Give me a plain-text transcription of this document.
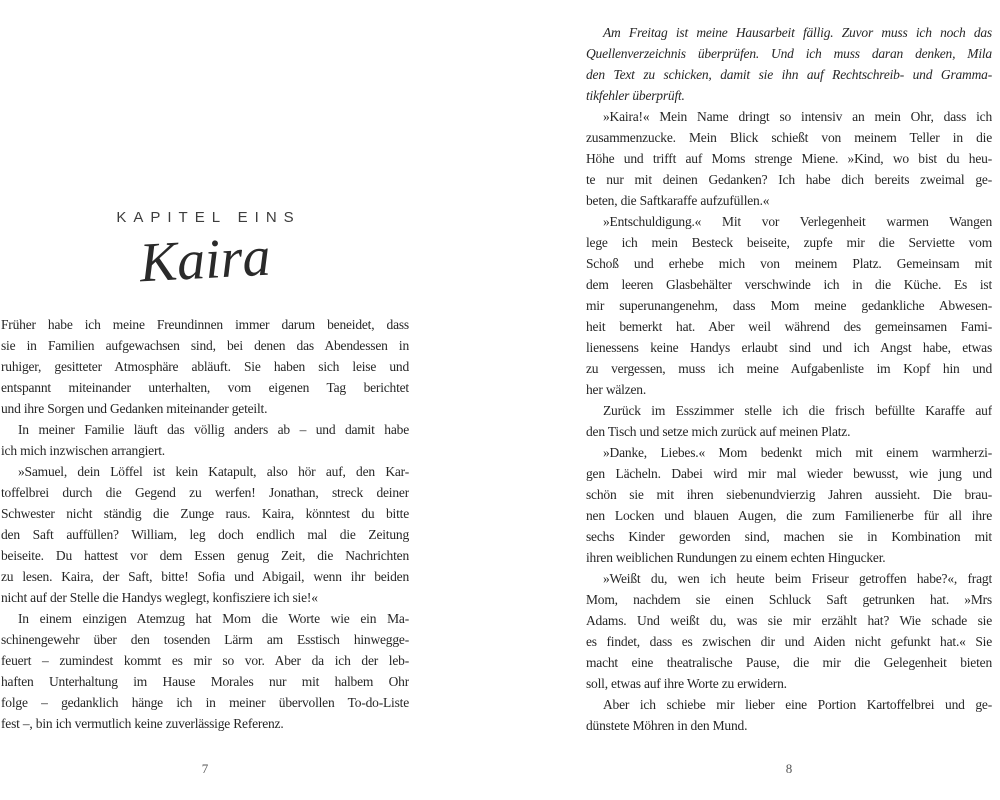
KAPITEL EINS
Kaira
Früher habe ich meine Freundinnen immer darum beneidet, dass
sie in Familien aufgewachsen sind, bei denen das Abendessen in
ruhiger, gesitteter Atmosphäre abläuft. Sie haben sich leise und
entspannt miteinander unterhalten, vom eigenen Tag berichtet
und ihre Sorgen und Gedanken miteinander geteilt.
In meiner Familie läuft das völlig anders ab – und damit habe
ich mich inzwischen arrangiert.
»Samuel, dein Löffel ist kein Katapult, also hör auf, den Kar-
toffelbrei durch die Gegend zu werfen! Jonathan, streck deiner
Schwester nicht ständig die Zunge raus. Kaira, könntest du bitte
den Saft auffüllen? William, leg doch endlich mal die Zeitung
beiseite. Du hattest vor dem Essen genug Zeit, die Nachrichten
zu lesen. Kaira, der Saft, bitte! Sofia und Abigail, wenn ihr beiden
nicht auf der Stelle die Handys weglegt, konfisziere ich sie!«
In einem einzigen Atemzug hat Mom die Worte wie ein Ma-
schinengewehr über den tosenden Lärm am Esstisch hinwegge-
feuert – zumindest kommt es mir so vor. Aber da ich der leb-
haften Unterhaltung im Hause Morales nur mit halbem Ohr
folge – gedanklich hänge ich in meiner übervollen To-do-Liste
fest –, bin ich vermutlich keine zuverlässige Referenz.
7
Am Freitag ist meine Hausarbeit fällig. Zuvor muss ich noch das
Quellenverzeichnis überprüfen. Und ich muss daran denken, Mila
den Text zu schicken, damit sie ihn auf Rechtschreib- und Gramma-
tikfehler überprüft.
»Kaira!« Mein Name dringt so intensiv an mein Ohr, dass ich
zusammenzucke. Mein Blick schießt von meinem Teller in die
Höhe und trifft auf Moms strenge Miene. »Kind, wo bist du heu-
te nur mit deinen Gedanken? Ich habe dich bereits zweimal ge-
beten, die Saftkaraffe aufzufüllen.«
»Entschuldigung.« Mit vor Verlegenheit warmen Wangen
lege ich mein Besteck beiseite, zupfe mir die Serviette vom
Schoß und erhebe mich von meinem Platz. Gemeinsam mit
dem leeren Glasbehälter verschwinde ich in die Küche. Es ist
mir superunangenehm, dass Mom meine gedankliche Abwesen-
heit bemerkt hat. Aber weil während des gemeinsamen Fami-
lienessens keine Handys erlaubt sind und ich Angst habe, etwas
zu vergessen, muss ich meine Aufgabenliste im Kopf hin und
her wälzen.
Zurück im Esszimmer stelle ich die frisch befüllte Karaffe auf
den Tisch und setze mich zurück auf meinen Platz.
»Danke, Liebes.« Mom bedenkt mich mit einem warmherzi-
gen Lächeln. Dabei wird mir mal wieder bewusst, wie jung und
schön sie mit ihren siebenundvierzig Jahren aussieht. Die brau-
nen Locken und blauen Augen, die zum Familienerbe für all ihre
sechs Kinder geworden sind, machen sie in Kombination mit
ihren weiblichen Rundungen zu einem echten Hingucker.
»Weißt du, wen ich heute beim Friseur getroffen habe?«, fragt
Mom, nachdem sie einen Schluck Saft getrunken hat. »Mrs
Adams. Und weißt du, was sie mir erzählt hat? Wie schade sie
es findet, dass es zwischen dir und Aiden nicht gefunkt hat.« Sie
macht eine theatralische Pause, die mir die Gelegenheit bieten
soll, etwas auf ihre Worte zu erwidern.
Aber ich schiebe mir lieber eine Portion Kartoffelbrei und ge-
dünstete Möhren in den Mund.
8
